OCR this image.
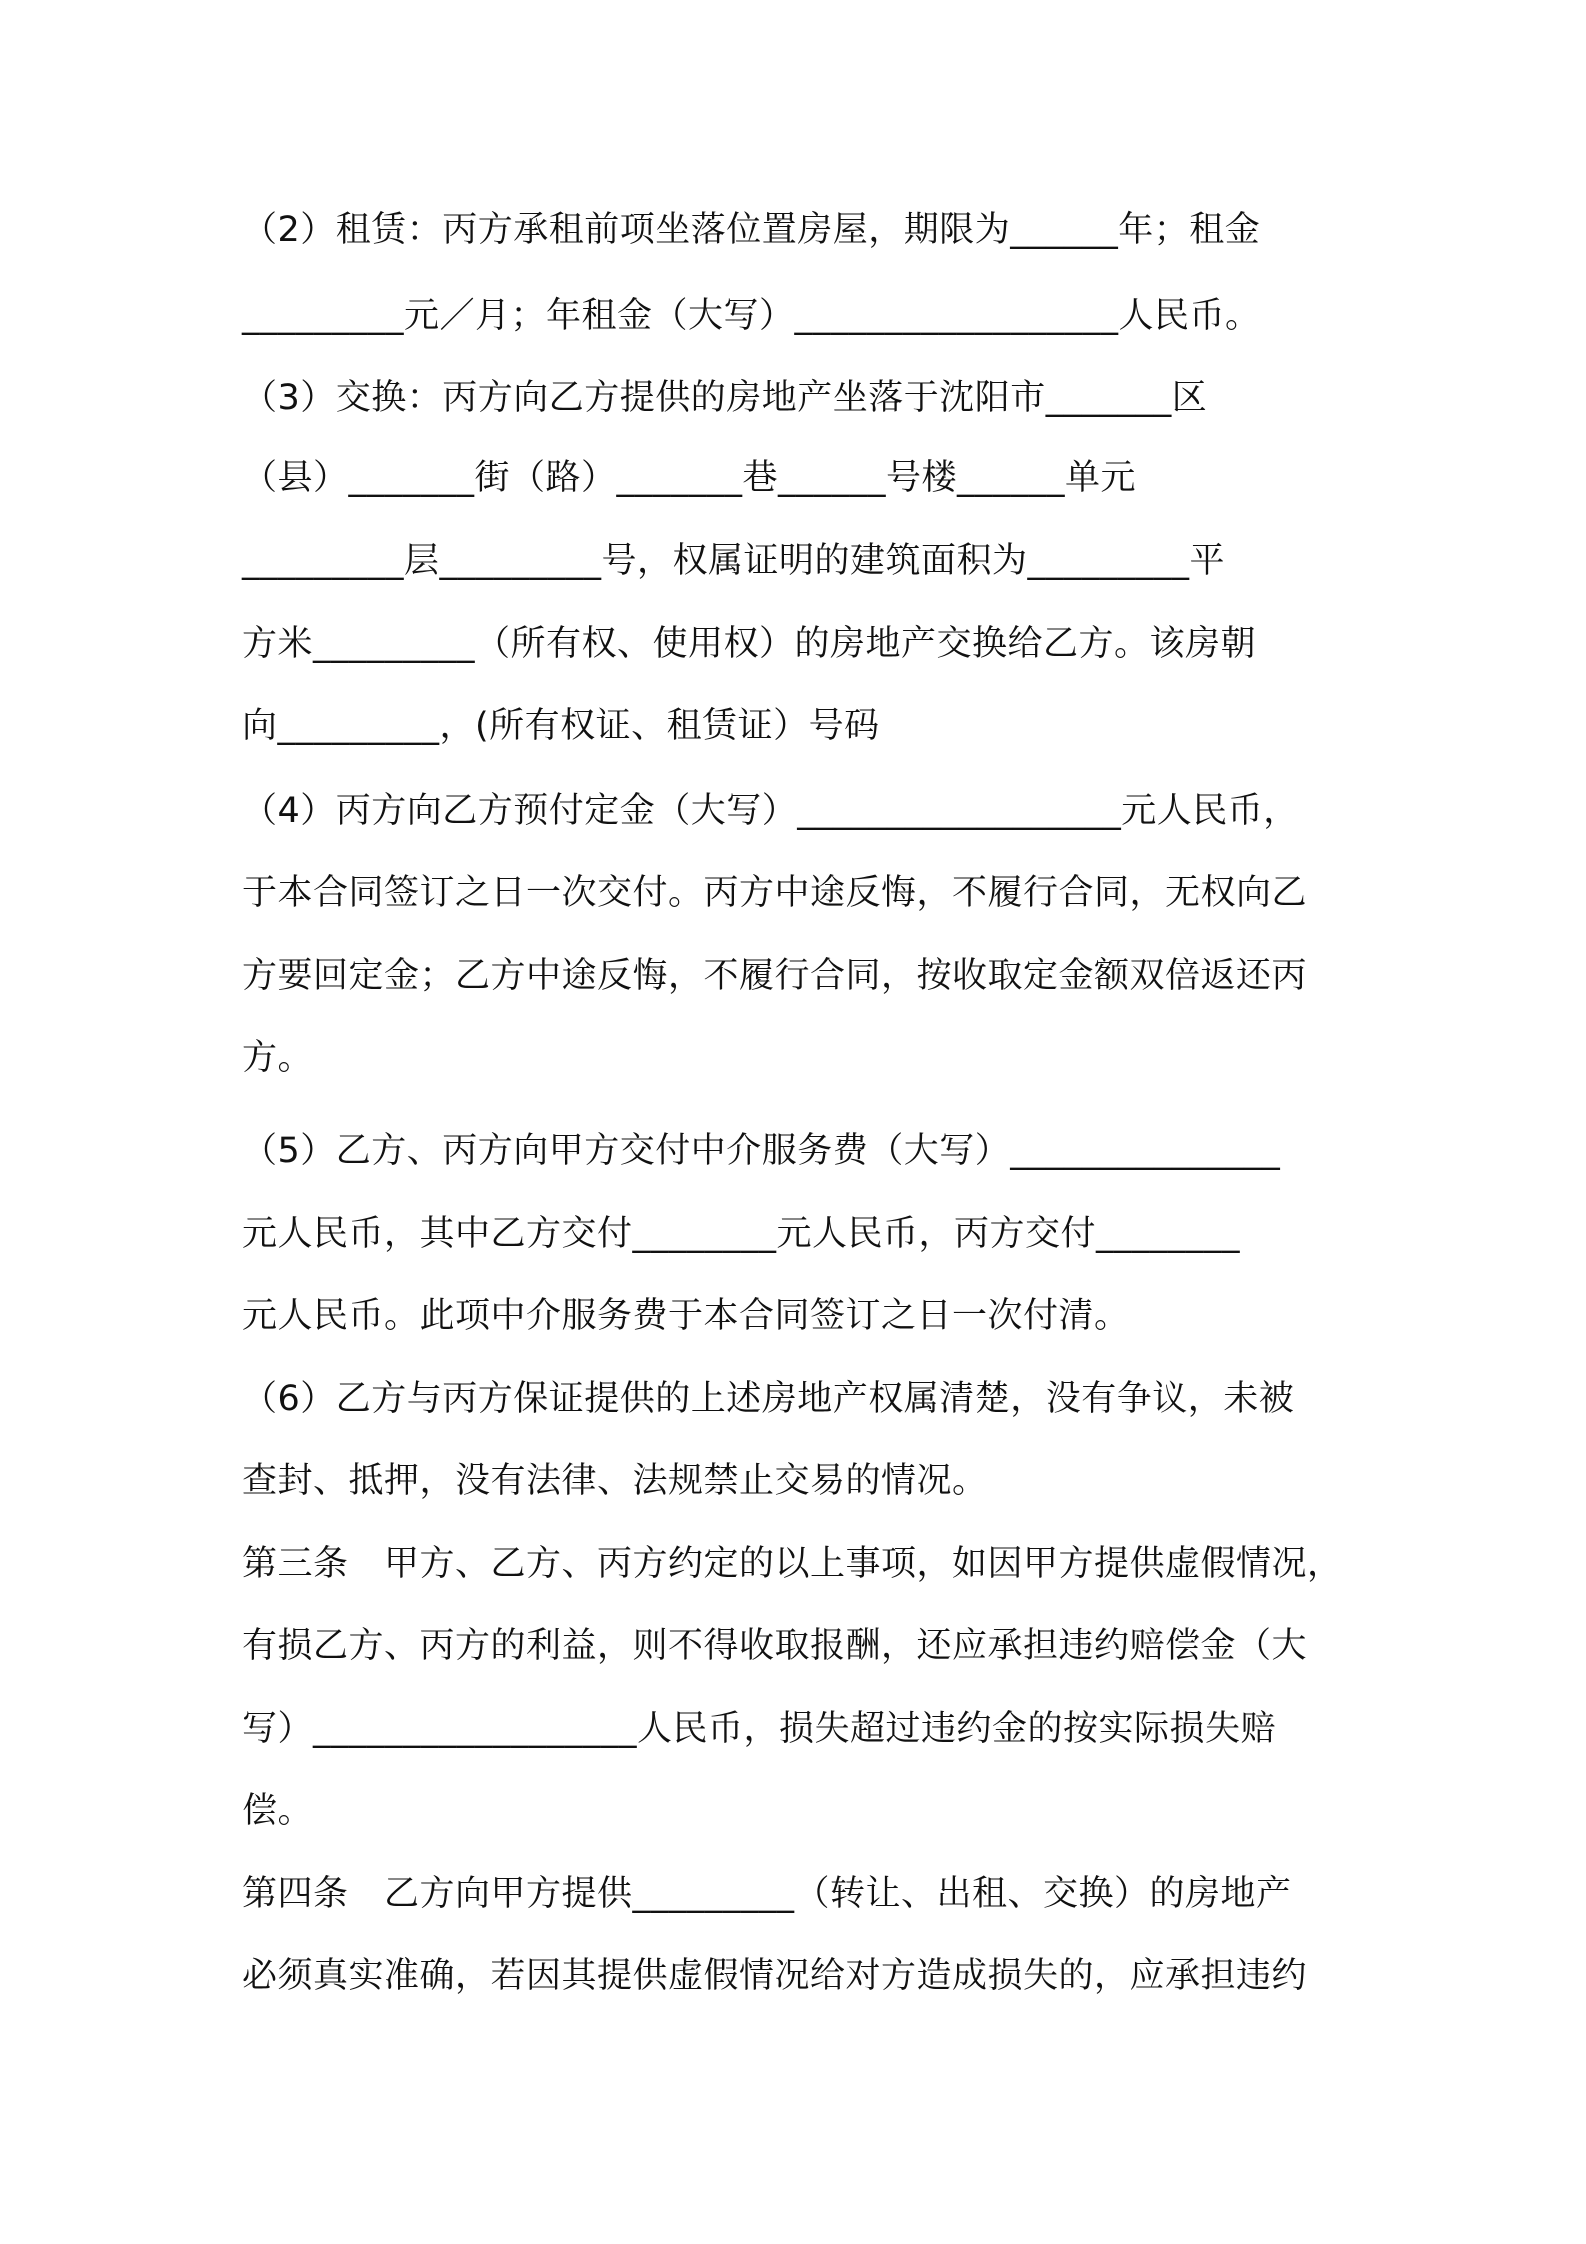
（2）租赁：丙方承租前项坐落位置房屋，期限为______年；租金
_________元／月；年租金（大写）__________________人民币。
（3）交换：丙方向乙方提供的房地产坐落于沈阳市_______区
（县）_______街（路）_______巷______号楼______单元
_________层_________号，权属证明的建筑面积为_________平
方米_________（所有权、使用权）的房地产交换给乙方。该房朝
向_________，(所有权证、租赁证）号码
（4）丙方向乙方预付定金（大写）__________________元人民币，
于本合同签订之日一次交付。丙方中途反悔，不履行合同，无权向乙
方要回定金；乙方中途反悔，不履行合同，按收取定金额双倍返还丙
方。
（5）乙方、丙方向甲方交付中介服务费（大写）_______________
元人民币，其中乙方交付________元人民币，丙方交付________
元人民币。此项中介服务费于本合同签订之日一次付清。
（6）乙方与丙方保证提供的上述房地产权属清楚，没有争议，未被
查封、抵押，没有法律、法规禁止交易的情况。
第三条　甲方、乙方、丙方约定的以上事项，如因甲方提供虚假情况，
有损乙方、丙方的利益，则不得收取报酬，还应承担违约赔偿金（大
写）__________________人民币，损失超过违约金的按实际损失赔
偿。
第四条　乙方向甲方提供_________（转让、出租、交换）的房地产
必须真实准确，若因其提供虚假情况给对方造成损失的，应承担违约
